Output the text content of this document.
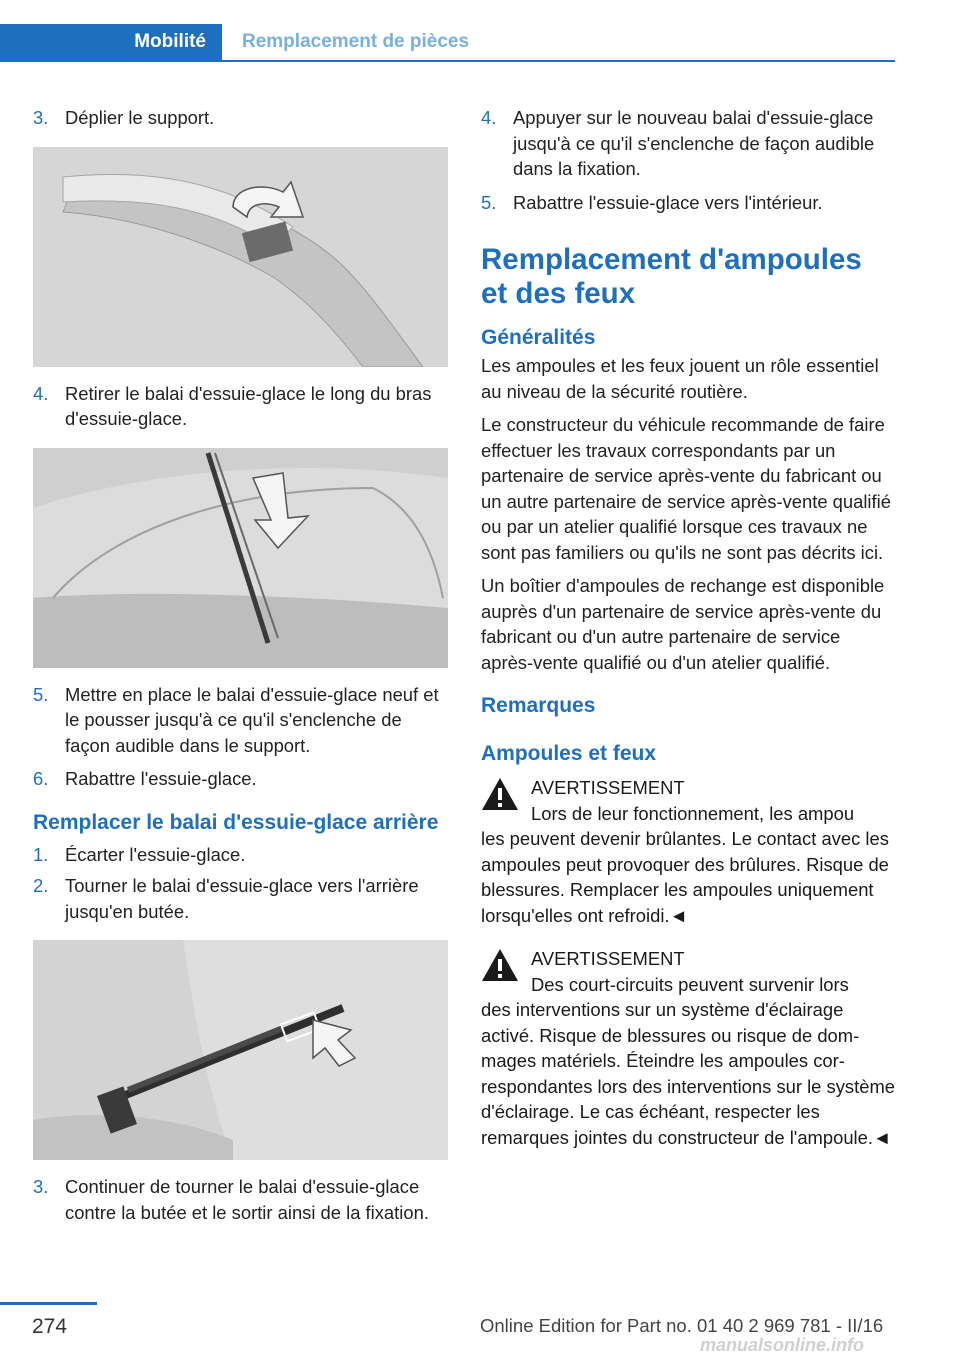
Mobilité	Remplacement de pièces
3. Déplier le support.
4. Retirer le balai d'essuie-glace le long du bras d'essuie-glace.
5. Mettre en place le balai d'essuie-glace neuf et le pousser jusqu'à ce qu'il s'enclenche de façon audible dans le support.
6. Rabattre l'essuie-glace.
Remplacer le balai d'essuie-glace arrière
1. Écarter l'essuie-glace.
2. Tourner le balai d'essuie-glace vers l'arrière jusqu'en butée.
3. Continuer de tourner le balai d'essuie-glace contre la butée et le sortir ainsi de la fixation.
4. Appuyer sur le nouveau balai d'essuie-glace jusqu'à ce qu'il s'enclenche de façon audible dans la fixation.
5. Rabattre l'essuie-glace vers l'intérieur.
Remplacement d'ampoules et des feux
Généralités

Les ampoules et les feux jouent un rôle essentiel au niveau de la sécurité routière.

Le constructeur du véhicule recommande de faire effectuer les travaux correspondants par un partenaire de service après-vente du fabricant ou un autre partenaire de service après-vente qualifié ou par un atelier qualifié lorsque ces travaux ne sont pas familiers ou qu'ils ne sont pas décrits ici.

Un boîtier d'ampoules de rechange est disponible auprès d'un partenaire de service après-vente du fabricant ou d'un autre partenaire de service après-vente qualifié ou d'un atelier qualifié.

Remarques
Ampoules et feux
AVERTISSEMENT
Lors de leur fonctionnement, les ampou
les peuvent devenir brûlantes. Le contact avec les ampoules peut provoquer des brûlures. Risque de blessures. Remplacer les ampoules uniquement lorsqu'elles ont refroidi.◄
AVERTISSEMENT
Des court-circuits peuvent survenir lors
des interventions sur un système d'éclairage activé. Risque de blessures ou risque de dommages matériels. Éteindre les ampoules correspondantes lors des interventions sur le système d'éclairage. Le cas échéant, respecter les remarques jointes du constructeur de l'ampoule.◄
274	Online Edition for Part no. 01 40 2 969 781 - II/16
manualsonline.info
